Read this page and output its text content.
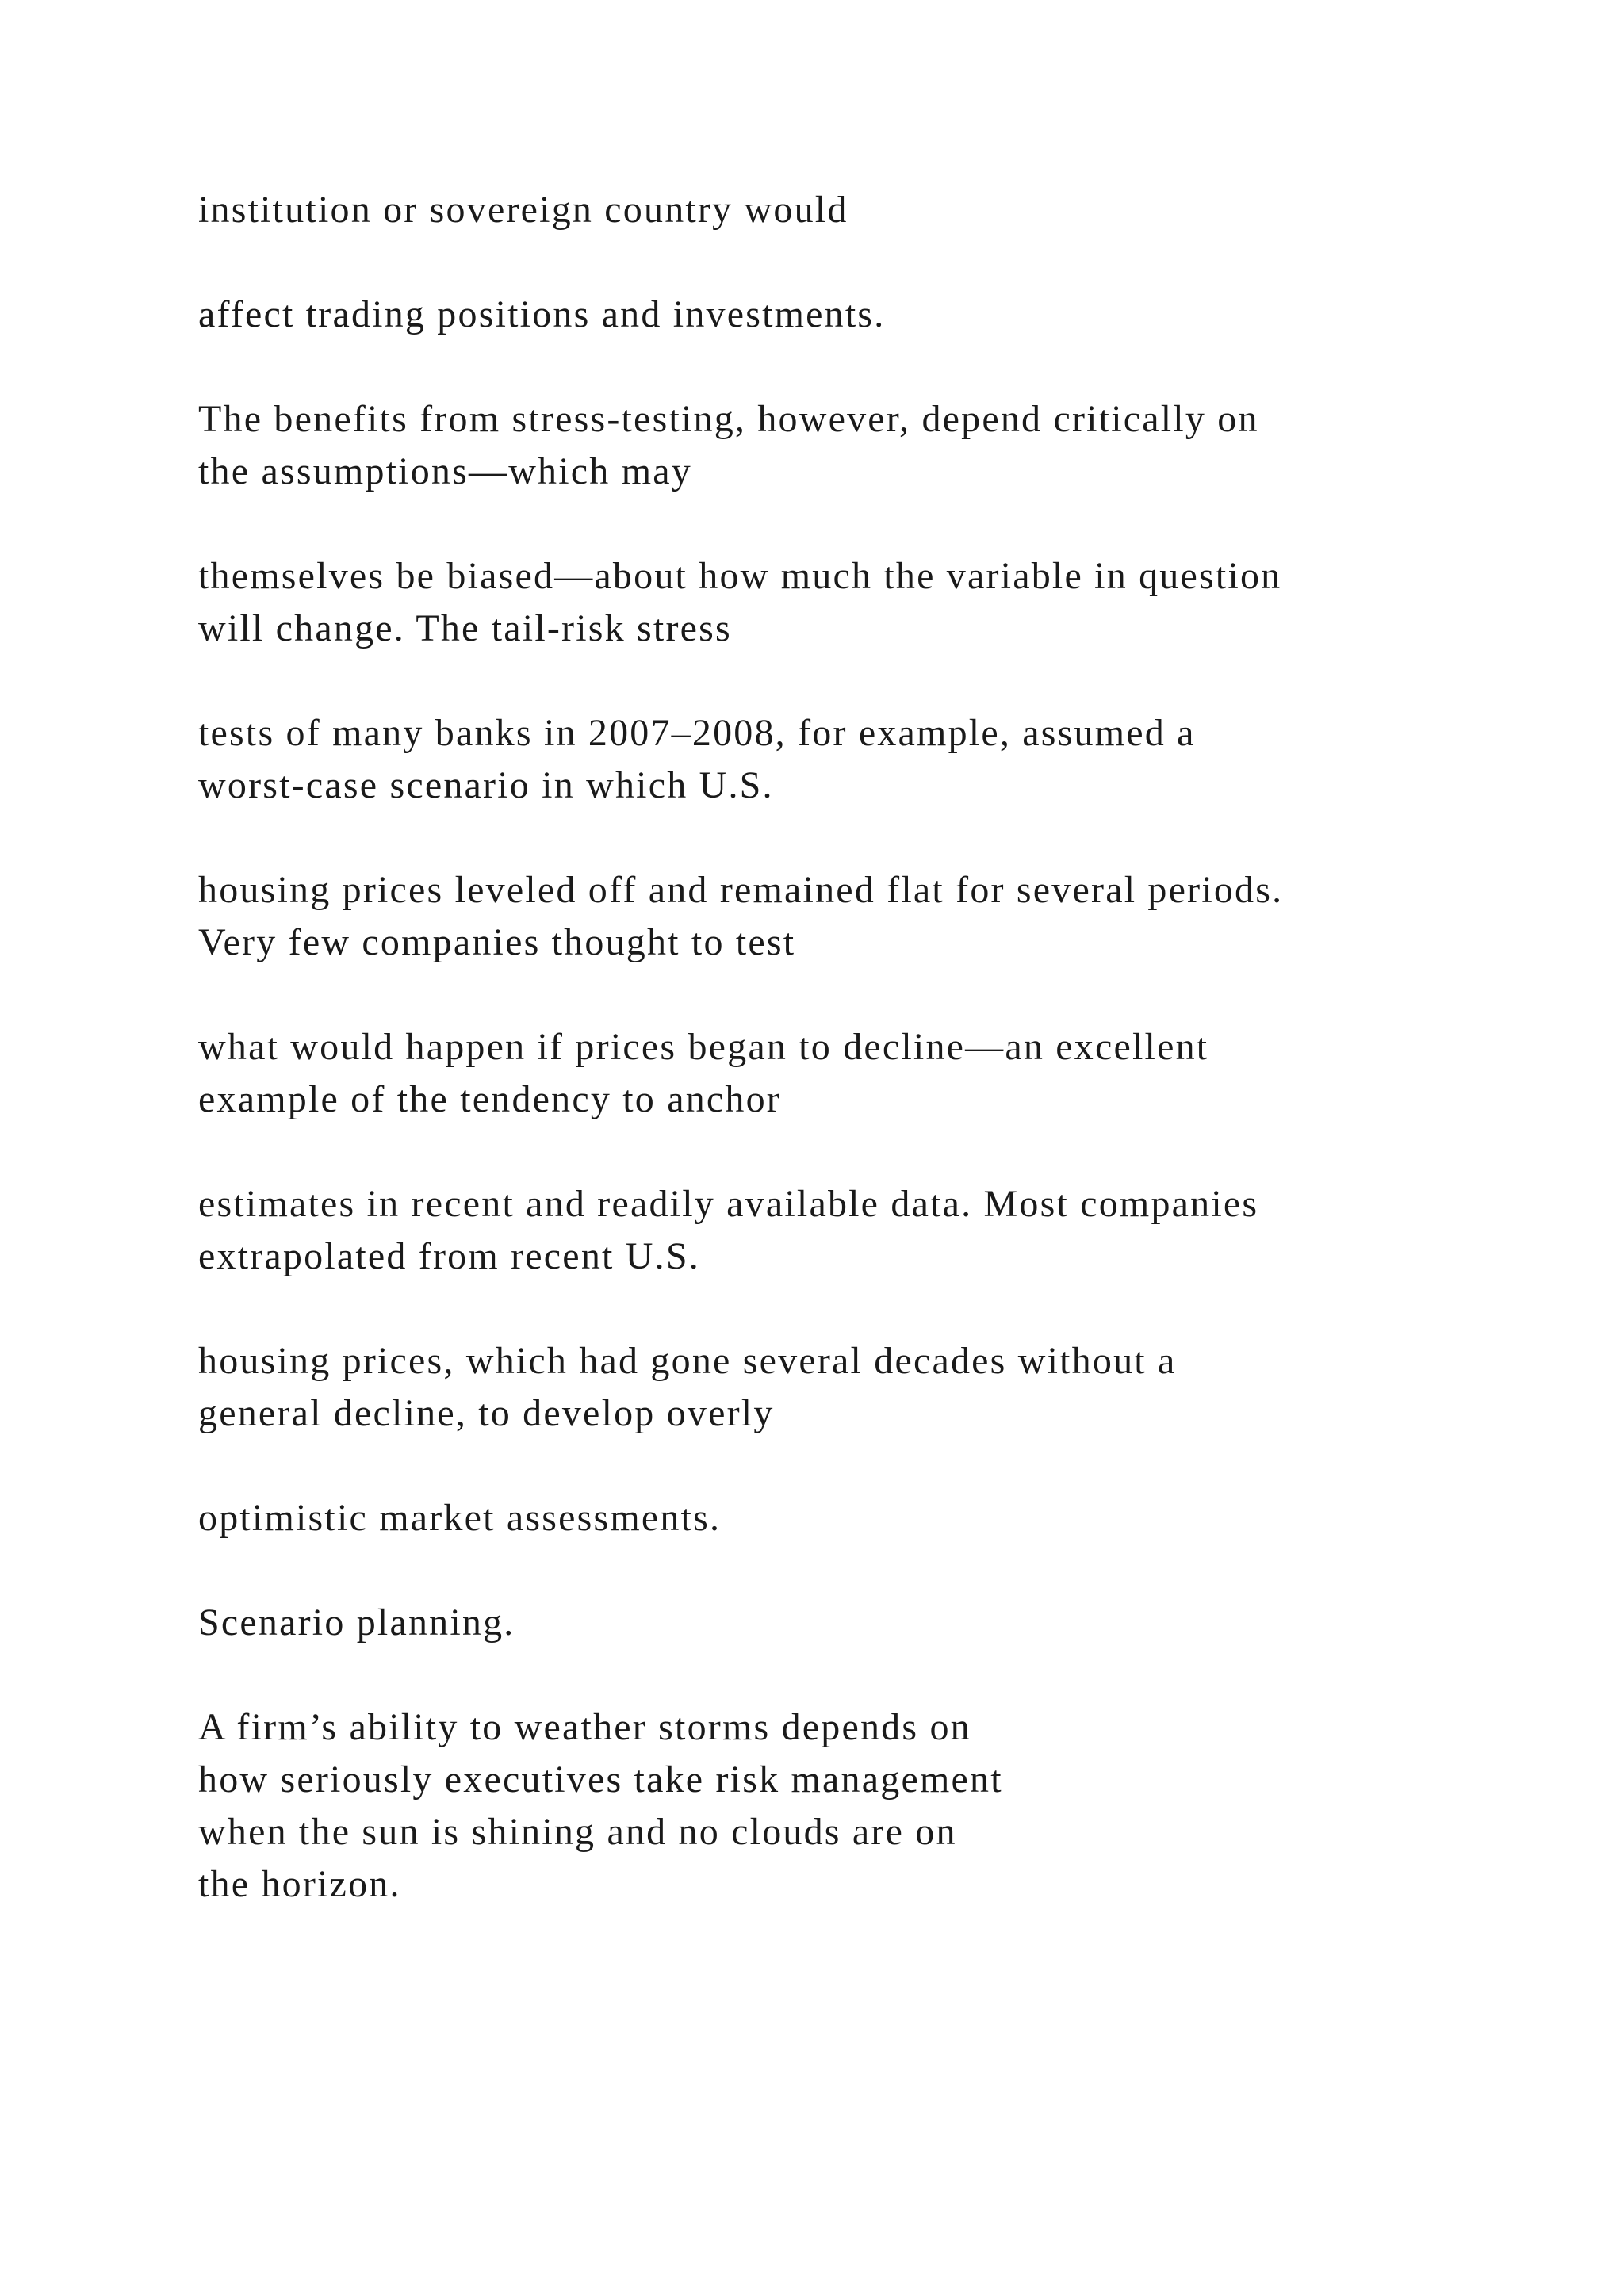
institution or sovereign country would

affect trading positions and investments.

The benefits from stress-testing, however, depend critically on
the assumptions—which may

themselves be biased—about how much the variable in question
will change. The tail-risk stress

tests of many banks in 2007–2008, for example, assumed a
worst-case scenario in which U.S.

housing prices leveled off and remained flat for several periods.
Very few companies thought to test

what would happen if prices began to decline—an excellent
example of the tendency to anchor

estimates in recent and readily available data. Most companies
extrapolated from recent U.S.

housing prices, which had gone several decades without a
general decline, to develop overly

optimistic market assessments.

Scenario planning.

A firm’s ability to weather storms depends on
how seriously executives take risk management
when the sun is shining and no clouds are on
the horizon.
